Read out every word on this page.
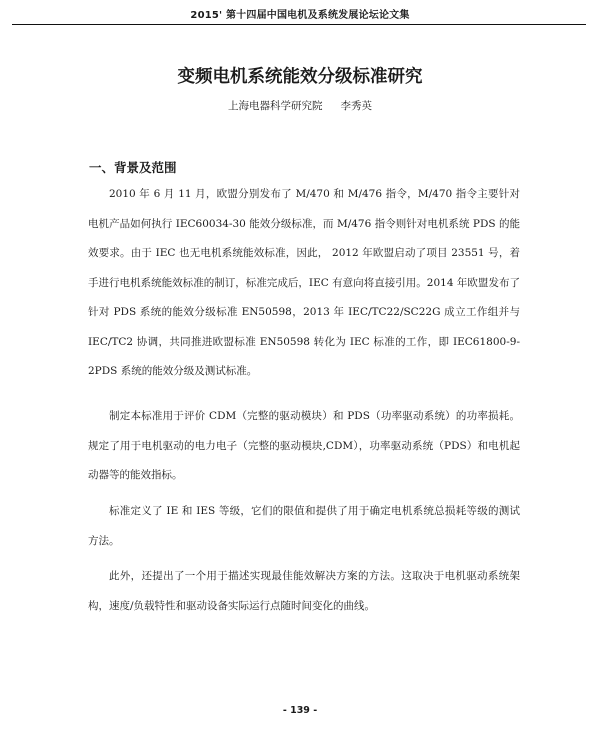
2015' 第十四届中国电机及系统发展论坛论文集
变频电机系统能效分级标准研究
上海电器科学研究院 李秀英
一、背景及范围

2010 年 6 月 11 月，欧盟分别发布了 M/470 和 M/476 指令，M/470 指令主要针对电机产品如何执行 IEC60034-30 能效分级标准，而 M/476 指令则针对电机系统 PDS 的能效要求。由于 IEC 也无电机系统能效标准，因此， 2012 年欧盟启动了项目 23551 号，着手进行电机系统能效标准的制订，标准完成后，IEC 有意向将直接引用。2014 年欧盟发布了针对 PDS 系统的能效分级标准 EN50598，2013 年 IEC/TC22/SC22G 成立工作组并与 IEC/TC2 协调，共同推进欧盟标准 EN50598 转化为 IEC 标准的工作，即 IEC61800-9-2PDS 系统的能效分级及测试标准。

制定本标准用于评价 CDM（完整的驱动模块）和 PDS（功率驱动系统）的功率损耗。规定了用于电机驱动的电力电子（完整的驱动模块,CDM），功率驱动系统（PDS）和电机起动器等的能效指标。

标准定义了 IE 和 IES 等级，它们的限值和提供了用于确定电机系统总损耗等级的测试方法。

此外，还提出了一个用于描述实现最佳能效解决方案的方法。这取决于电机驱动系统架构，速度/负载特性和驱动设备实际运行点随时间变化的曲线。

- 139 -
